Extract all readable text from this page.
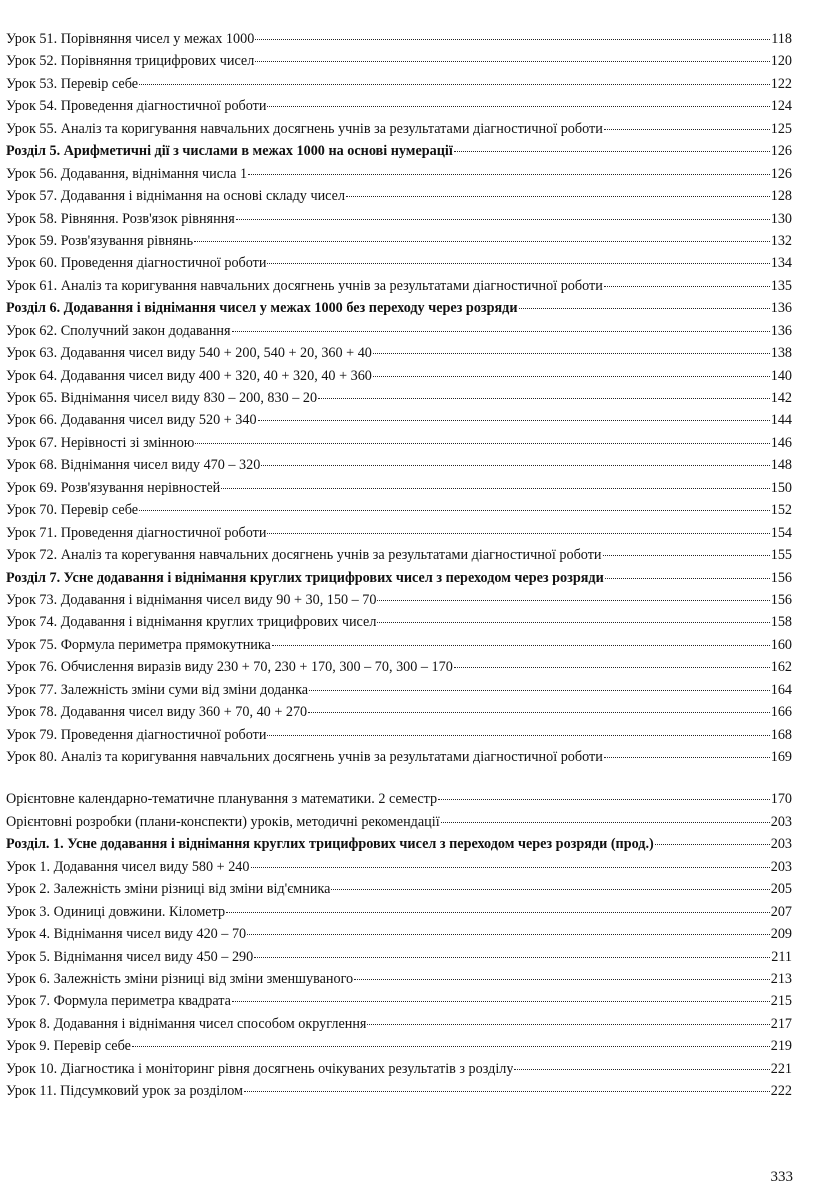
Урок 51. Порівняння чисел у межах 1000	118
Урок 52. Порівняння трицифрових чисел	120
Урок 53. Перевір себе	122
Урок 54. Проведення діагностичної роботи	124
Урок 55. Аналіз та коригування навчальних досягнень учнів за результатами діагностичної роботи	125
Розділ 5. Арифметичні дії з числами в межах 1000 на основі нумерації	126
Урок 56. Додавання, віднімання числа 1	126
Урок 57. Додавання і віднімання на основі складу чисел	128
Урок 58. Рівняння. Розв'язок рівняння	130
Урок 59. Розв'язування рівнянь	132
Урок 60. Проведення діагностичної роботи	134
Урок 61. Аналіз та коригування навчальних досягнень учнів за результатами діагностичної роботи	135
Розділ 6. Додавання і віднімання чисел у межах 1000 без переходу через розряди	136
Урок 62. Сполучний закон додавання	136
Урок 63. Додавання чисел виду 540 + 200, 540 + 20, 360 + 40	138
Урок 64. Додавання чисел виду 400 + 320, 40 + 320, 40 + 360	140
Урок 65. Віднімання чисел виду 830 – 200, 830 – 20	142
Урок 66. Додавання чисел виду 520 + 340	144
Урок 67. Нерівності зі змінною	146
Урок 68. Віднімання чисел виду 470 – 320	148
Урок 69. Розв'язування нерівностей	150
Урок 70. Перевір себе	152
Урок 71. Проведення діагностичної роботи	154
Урок 72. Аналіз та корегування навчальних досягнень учнів за результатами діагностичної роботи	155
Розділ 7. Усне додавання і віднімання круглих трицифрових чисел з переходом через розряди	156
Урок 73. Додавання і віднімання чисел виду 90 + 30, 150 – 70	156
Урок 74. Додавання і віднімання круглих трицифрових чисел	158
Урок 75. Формула периметра прямокутника	160
Урок 76. Обчислення виразів виду 230 + 70, 230 + 170, 300 – 70, 300 – 170	162
Урок 77. Залежність зміни суми від зміни доданка	164
Урок 78. Додавання чисел виду 360 + 70, 40 + 270	166
Урок 79. Проведення діагностичної роботи	168
Урок 80. Аналіз та коригування навчальних досягнень учнів за результатами діагностичної роботи	169
Орієнтовне календарно-тематичне планування з математики. 2 семестр	170
Орієнтовні розробки (плани-конспекти) уроків, методичні рекомендації	203
Розділ. 1. Усне додавання і віднімання круглих трицифрових чисел з переходом через розряди (прод.)	203
Урок 1. Додавання чисел виду 580 + 240	203
Урок 2. Залежність зміни різниці від зміни від'ємника	205
Урок 3. Одиниці довжини. Кілометр	207
Урок 4. Віднімання чисел виду 420 – 70	209
Урок 5. Віднімання чисел виду 450 – 290	211
Урок 6. Залежність зміни різниці від зміни зменшуваного	213
Урок 7. Формула периметра квадрата	215
Урок 8. Додавання і віднімання чисел способом округлення	217
Урок 9. Перевір себе	219
Урок 10. Діагностика і моніторинг рівня досягнень очікуваних результатів з розділу	221
Урок 11. Підсумковий урок за розділом	222
333
